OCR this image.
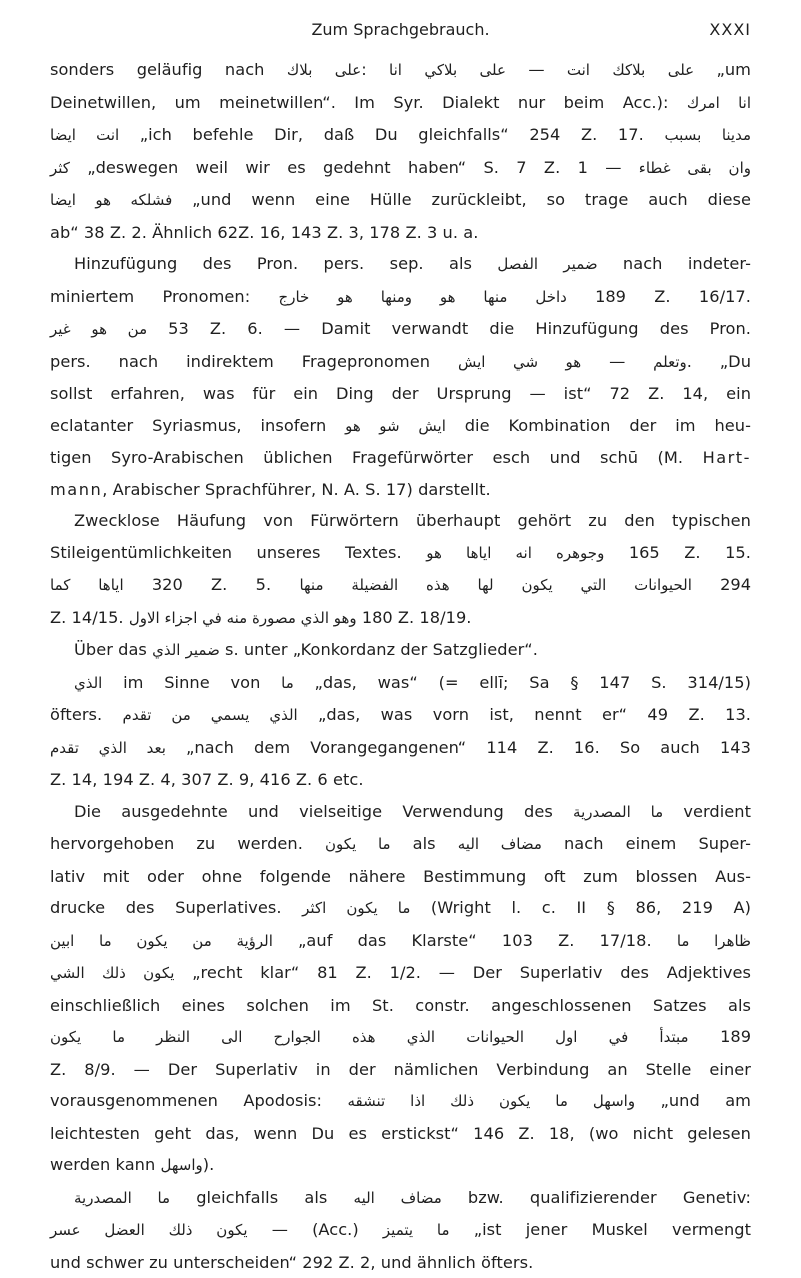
Zum Sprachgebrauch.	XXXI

sonders geläufig nach بلاك على: انا بلاكي على — انت بلاكك على „um

Deinetwillen, um meinetwillen“. Im Syr. Dialekt nur beim Acc.): امرك انا

انت ايضا „ich befehle Dir, daß Du gleichfalls“ 254 Z. 17. بسبب مدينا

كثر „deswegen weil wir es gedehnt haben“ S. 7 Z. 1 — وان بقى غطاء

فشلكه هو ايضا „und wenn eine Hülle zurückleibt, so trage auch diese

ab“ 38 Z. 2. Ähnlich 62Z. 16, 143 Z. 3, 178 Z. 3 u. a.

Hinzufügung des Pron. pers. sep. als الفصل ضمير nach indeter-

miniertem Pronomen: داخل منها هو ومنها هو خارج 189 Z. 16/17.

من هو غير 53 Z. 6. — Damit verwandt die Hinzufügung des Pron.

pers. nach indirektem Fragepronomen هو شي ايش — وتعلم. „Du

sollst erfahren, was für ein Ding der Ursprung — ist“ 72 Z. 14, ein

eclatanter Syriasmus, insofern شو هو ايش die Kombination der im heu-

tigen Syro-Arabischen üblichen Fragefürwörter esch und schū (M. Hart-

mann, Arabischer Sprachführer, N. A. S. 17) darstellt.

Zwecklose Häufung von Fürwörtern überhaupt gehört zu den typischen

Stileigentümlichkeiten unseres Textes. وجوهره انه اياها هو 165 Z. 15.

اياها كما 320 Z. 5. الحيوانات التي يكون لها هذه الفضيلة منها 294

Z. 14/15. وهو الذي مصورة منه في اجزاء الاول 180 Z. 18/19.

Über das الذي ضمير s. unter „Konkordanz der Satzglieder“.

الذي im Sinne von ما „das, was“ (= ellī; Sa § 147 S. 314/15)

öfters. الذي يسمي من تقدم „das, was vorn ist, nennt er“ 49 Z. 13.

بعد الذي تقدم „nach dem Vorangegangenen“ 114 Z. 16. So auch 143

Z. 14, 194 Z. 4, 307 Z. 9, 416 Z. 6 etc.

Die ausgedehnte und vielseitige Verwendung des ما المصدرية verdient

hervorgehoben zu werden. ما يكون als مضاف اليه nach einem Super-

lativ mit oder ohne folgende nähere Bestimmung oft zum blossen Aus-

drucke des Superlatives. ما يكون اكثر (Wright l. c. II § 86, 219 A)

الرؤية من يكون ما ابين „auf das Klarste“ 103 Z. 17/18. ظاهرا ما

يكون ذلك الشي „recht klar“ 81 Z. 1/2. — Der Superlativ des Adjektives

einschließlich eines solchen im St. constr. angeschlossenen Satzes als

مبتدأ في اول الحيوانات الذي هذه الجوارح الى النظر ما يكون 189

Z. 8/9. — Der Superlativ in der nämlichen Verbindung an Stelle einer

vorausgenommenen Apodosis: واسهل ما يكون ذلك اذا تنشقه „und am

leichtesten geht das, wenn Du es erstickst“ 146 Z. 18, (wo nicht gelesen

werden kann واسهل).

ما المصدرية gleichfalls als مضاف اليه bzw. qualifizierender Genetiv:

يكون ذلك العضل عسر — (Acc.) ما يتميز „ist jener Muskel vermengt

und schwer zu unterscheiden“ 292 Z. 2, und ähnlich öfters.
